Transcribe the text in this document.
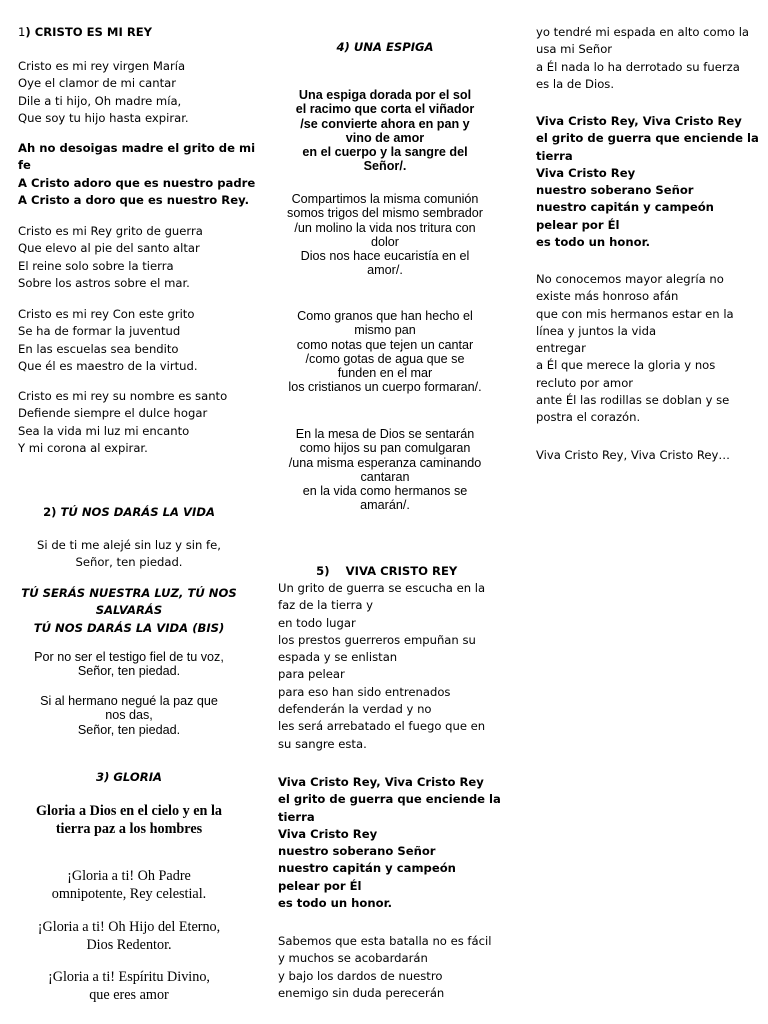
1) CRISTO ES MI REY
Cristo es mi rey virgen María
Oye el clamor de mi cantar
Dile a ti hijo, Oh madre mía,
Que soy tu hijo hasta expirar.
Ah no desoigas madre el grito de mi
fe
A Cristo adoro que es nuestro padre
A Cristo a doro que es nuestro Rey.
Cristo es mi Rey grito de guerra
Que elevo al pie del santo altar
El reine solo sobre la tierra
Sobre los astros sobre el mar.
Cristo es mi rey Con este grito
Se ha de formar la juventud
En las escuelas sea bendito
Que él es maestro de la virtud.
Cristo es mi rey su nombre es santo
Defiende siempre el dulce hogar
Sea la vida mi luz mi encanto
Y mi corona al expirar.
2) TÚ NOS DARÁS LA VIDA
Si de ti me alejé sin luz y sin fe,
Señor, ten piedad.
TÚ SERÁS NUESTRA LUZ, TÚ NOS
SALVARÁS
TÚ NOS DARÁS LA VIDA (BIS)
Por no ser el testigo fiel de tu voz,
Señor, ten piedad.
Si al hermano negué la paz que
nos das,
Señor, ten piedad.
3) GLORIA
Gloria a Dios en el cielo y en la
tierra paz a los hombres
¡Gloria a ti! Oh Padre
omnipotente, Rey celestial.
¡Gloria a ti! Oh Hijo del Eterno,
Dios Redentor.
¡Gloria a ti! Espíritu Divino,
que eres amor
4) UNA ESPIGA
Una espiga dorada por el sol
el racimo que corta el viñador
/se convierte ahora en pan y
vino de amor
en el cuerpo y la sangre del
Señor/.
Compartimos la misma comunión
somos trigos del mismo sembrador
/un molino la vida nos tritura con
dolor
Dios nos hace eucaristía en el
amor/.
Como granos que han hecho el
mismo pan
como notas que tejen un cantar
/como gotas de agua que se
funden en el mar
los cristianos un cuerpo formaran/.
En la mesa de Dios se sentarán
como hijos su pan comulgaran
/una misma esperanza caminando
cantaran
en la vida como hermanos se
amarán/.

5)    VIVA CRISTO REY

Un grito de guerra se escucha en la
faz de la tierra y
en todo lugar
los prestos guerreros empuñan su
espada y se enlistan
para pelear
para eso han sido entrenados
defenderán la verdad y no
les será arrebatado el fuego que en
su sangre esta.
Viva Cristo Rey, Viva Cristo Rey
el grito de guerra que enciende la
tierra
Viva Cristo Rey
nuestro soberano Señor
nuestro capitán y campeón
pelear por Él
es todo un honor.
Sabemos que esta batalla no es fácil
y muchos se acobardarán
y bajo los dardos de nuestro
enemigo sin duda perecerán
yo tendré mi espada en alto como la
usa mi Señor
a Él nada lo ha derrotado su fuerza
es la de Dios.
Viva Cristo Rey, Viva Cristo Rey
el grito de guerra que enciende la
tierra
Viva Cristo Rey
nuestro soberano Señor
nuestro capitán y campeón
pelear por Él
es todo un honor.
No conocemos mayor alegría no
existe más honroso afán
que con mis hermanos estar en la
línea y juntos la vida
entregar
a Él que merece la gloria y nos
recluto por amor
ante Él las rodillas se doblan y se
postra el corazón.
Viva Cristo Rey, Viva Cristo Rey…
